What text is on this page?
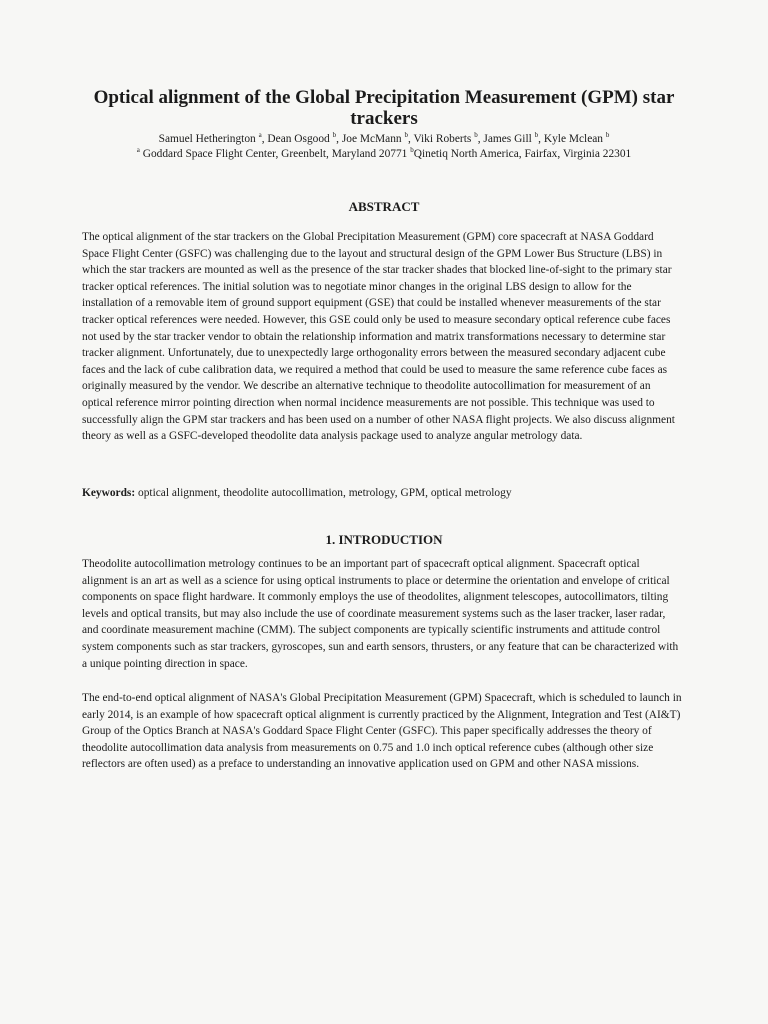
Optical alignment of the Global Precipitation Measurement (GPM) star trackers
Samuel Hetherington $^a$, Dean Osgood $^b$, Joe McMann $^b$, Viki Roberts $^b$, James Gill $^b$, Kyle Mclean $^b$
$^a$ Goddard Space Flight Center, Greenbelt, Maryland 20771 $^b$Qinetiq North America, Fairfax, Virginia 22301
ABSTRACT

The optical alignment of the star trackers on the Global Precipitation Measurement (GPM) core spacecraft at NASA Goddard Space Flight Center (GSFC) was challenging due to the layout and structural design of the GPM Lower Bus Structure (LBS) in which the star trackers are mounted as well as the presence of the star tracker shades that blocked line-of-sight to the primary star tracker optical references. The initial solution was to negotiate minor changes in the original LBS design to allow for the installation of a removable item of ground support equipment (GSE) that could be installed whenever measurements of the star tracker optical references were needed. However, this GSE could only be used to measure secondary optical reference cube faces not used by the star tracker vendor to obtain the relationship information and matrix transformations necessary to determine star tracker alignment. Unfortunately, due to unexpectedly large orthogonality errors between the measured secondary adjacent cube faces and the lack of cube calibration data, we required a method that could be used to measure the same reference cube faces as originally measured by the vendor. We describe an alternative technique to theodolite autocollimation for measurement of an optical reference mirror pointing direction when normal incidence measurements are not possible. This technique was used to successfully align the GPM star trackers and has been used on a number of other NASA flight projects. We also discuss alignment theory as well as a GSFC-developed theodolite data analysis package used to analyze angular metrology data.

Keywords: optical alignment, theodolite autocollimation, metrology, GPM, optical metrology

1. INTRODUCTION

Theodolite autocollimation metrology continues to be an important part of spacecraft optical alignment. Spacecraft optical alignment is an art as well as a science for using optical instruments to place or determine the orientation and envelope of critical components on space flight hardware. It commonly employs the use of theodolites, alignment telescopes, autocollimators, tilting levels and optical transits, but may also include the use of coordinate measurement systems such as the laser tracker, laser radar, and coordinate measurement machine (CMM). The subject components are typically scientific instruments and attitude control system components such as star trackers, gyroscopes, sun and earth sensors, thrusters, or any feature that can be characterized with a unique pointing direction in space.

The end-to-end optical alignment of NASA's Global Precipitation Measurement (GPM) Spacecraft, which is scheduled to launch in early 2014, is an example of how spacecraft optical alignment is currently practiced by the Alignment, Integration and Test (AI&T) Group of the Optics Branch at NASA's Goddard Space Flight Center (GSFC). This paper specifically addresses the theory of theodolite autocollimation data analysis from measurements on 0.75 and 1.0 inch optical reference cubes (although other size reflectors are often used) as a preface to understanding an innovative application used on GPM and other NASA missions.
